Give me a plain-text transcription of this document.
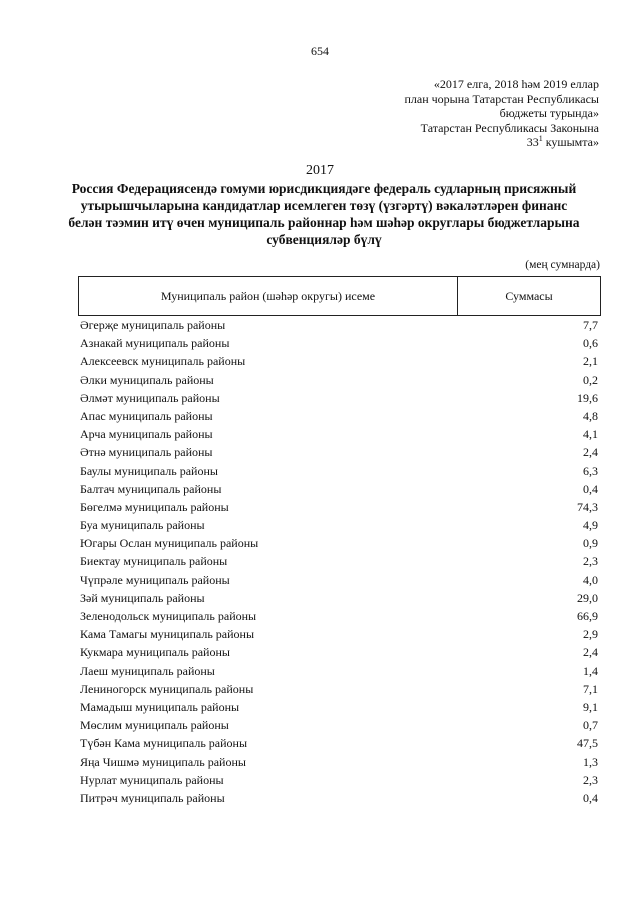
654
«2017 елга, 2018 һәм 2019 еллар
план чорына Татарстан Республикасы
бюджеты турында»
Татарстан Республикасы Законына
$33^1$ кушымта»
2017
Россия Федерациясендә гомуми юрисдикциядәге федераль судларның присяжный утырышчыларына кандидатлар исемлеген төзү (үзгәртү) вәкаләтләрен финанс белән тәэмин итү өчен муниципаль районнар һәм шәһәр округлары бюджетларына субвенцияләр бүлү
(мең сумнарда)
Муниципаль район (шәһәр округы) исеме	Суммасы
Әгерҗе муниципаль районы	7,7
Азнакай муниципаль районы	0,6
Алексеевск муниципаль районы	2,1
Әлки муниципаль районы	0,2
Әлмәт муниципаль районы	19,6
Апас муниципаль районы	4,8
Арча муниципаль районы	4,1
Әтнә муниципаль районы	2,4
Баулы муниципаль районы	6,3
Балтач муниципаль районы	0,4
Бөгелмә муниципаль районы	74,3
Буа муниципаль районы	4,9
Югары Ослан муниципаль районы	0,9
Биектау муниципаль районы	2,3
Чүпрәле муниципаль районы	4,0
Зәй муниципаль районы	29,0
Зеленодольск муниципаль районы	66,9
Кама Тамагы муниципаль районы	2,9
Кукмара муниципаль районы	2,4
Лаеш муниципаль районы	1,4
Лениногорск муниципаль районы	7,1
Мамадыш муниципаль районы	9,1
Мөслим муниципаль районы	0,7
Түбән Кама муниципаль районы	47,5
Яңа Чишмә муниципаль районы	1,3
Нурлат муниципаль районы	2,3
Питрәч муниципаль районы	0,4
